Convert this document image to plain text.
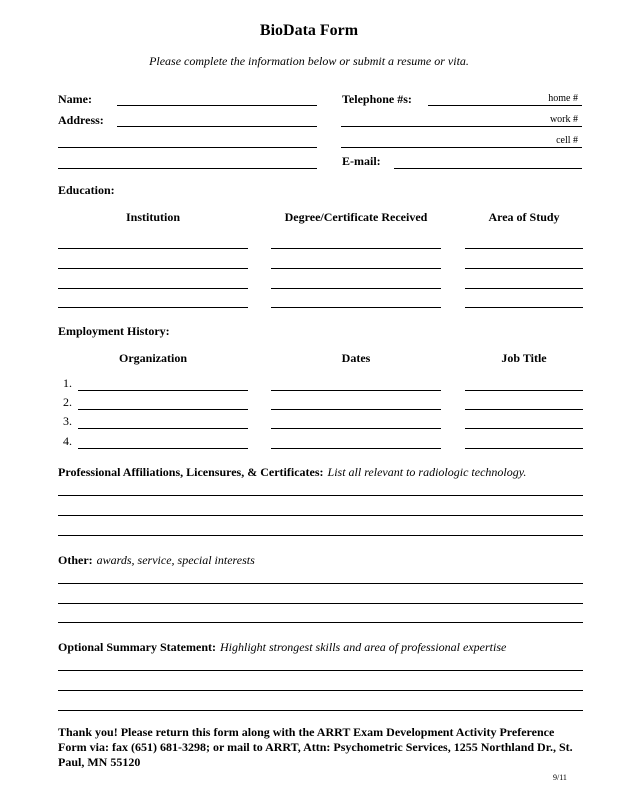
BioData Form
Please complete the information below or submit a resume or vita.
Name:	Telephone #s:	home #
Address:	work #
cell #
E-mail:
Education:
Institution	Degree/Certificate Received	Area of Study
Employment History:
Organization	Dates	Job Title
1.
2.
3.
4.
Professional Affiliations, Licensures, & Certificates: List all relevant to radiologic technology.
Other: awards, service, special interests
Optional Summary Statement: Highlight strongest skills and area of professional expertise
Thank you! Please return this form along with the ARRT Exam Development Activity Preference Form via: fax (651) 681-3298; or mail to ARRT, Attn: Psychometric Services, 1255 Northland Dr., St. Paul, MN 55120
9/11
